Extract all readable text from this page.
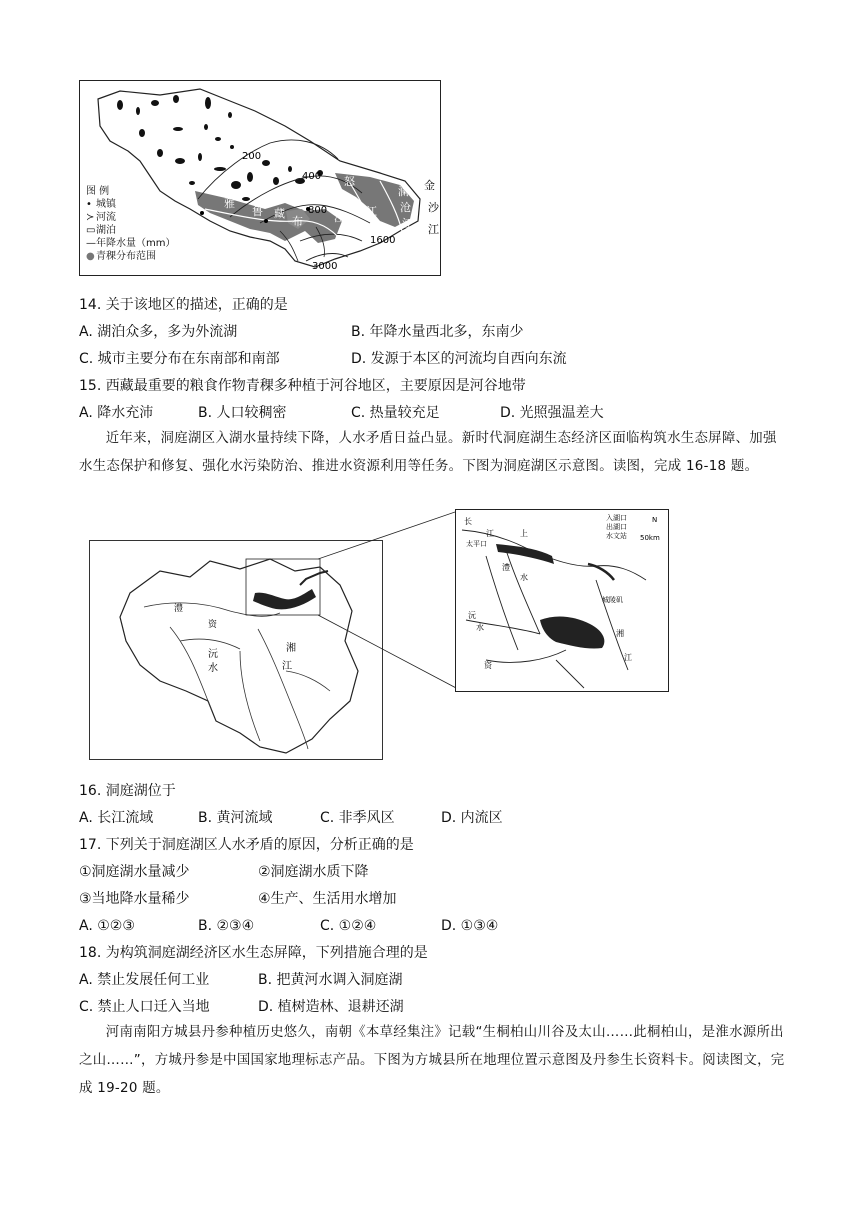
200
400
800
1600
3000
金
沙
江
澜
沧
江
怒
雅
鲁 藏
布	江 江
图 例
• 城镇
≻ 河流
▭湖泊
—年降水量（mm）
●青稞分布范围
14. 关于该地区的描述，正确的是
A. 湖泊众多，多为外流湖	B. 年降水量西北多，东南少
C. 城市主要分布在东南部和南部	D. 发源于本区的河流均自西向东流
15. 西藏最重要的粮食作物青稞多种植于河谷地区，主要原因是河谷地带
A. 降水充沛	B. 人口较稠密	C. 热量较充足	D. 光照强温差大
近年来，洞庭湖区入湖水量持续下降，人水矛盾日益凸显。新时代洞庭湖生态经济区面临构筑水生态屏障、加强水生态保护和修复、强化水污染防治、推进水资源利用等任务。下图为洞庭湖区示意图。读图，完成 16-18 题。
沅
水
湘
江
澧
资
长
江	上
太平口
沅
水
资
湘
江
城陵矶
澧
水
入湖口
出湖口
水文站
N
50km
16. 洞庭湖位于
A. 长江流域	B. 黄河流域	C. 非季风区	D. 内流区
17. 下列关于洞庭湖区人水矛盾的原因，分析正确的是
①洞庭湖水量减少	②洞庭湖水质下降
③当地降水量稀少	④生产、生活用水增加
A. ①②③	B. ②③④	C. ①②④	D. ①③④
18. 为构筑洞庭湖经济区水生态屏障，下列措施合理的是
A. 禁止发展任何工业	B. 把黄河水调入洞庭湖
C. 禁止人口迁入当地	D. 植树造林、退耕还湖
河南南阳方城县丹参种植历史悠久，南朝《本草经集注》记载“生桐柏山川谷及太山……此桐柏山，是淮水源所出之山……”，方城丹参是中国国家地理标志产品。下图为方城县所在地理位置示意图及丹参生长资料卡。阅读图文，完成 19-20 题。
